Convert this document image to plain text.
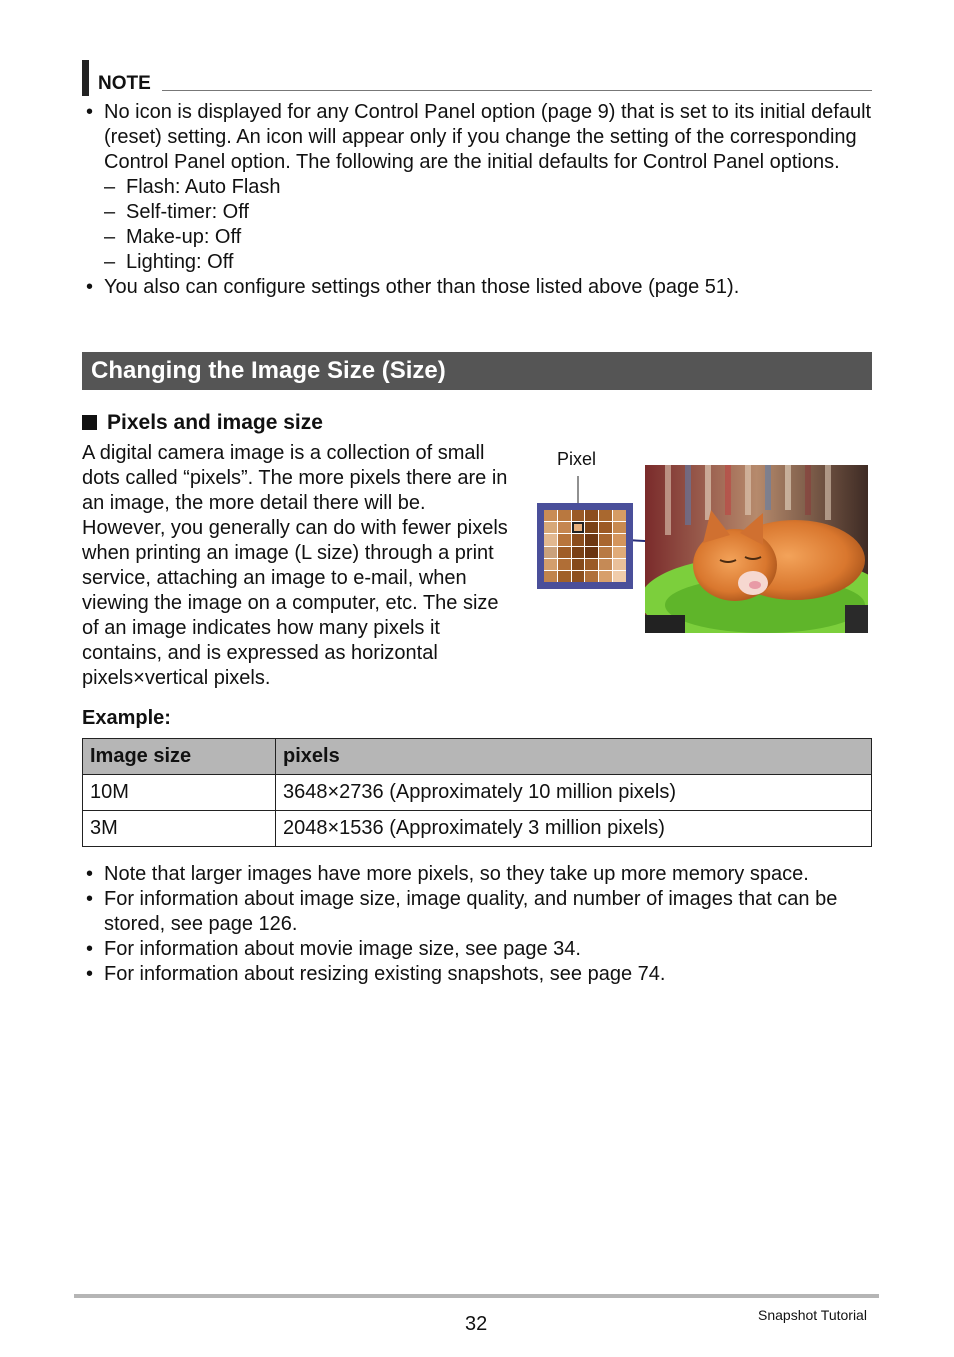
NOTE
• No icon is displayed for any Control Panel option (page 9) that is set to its initial default (reset) setting. An icon will appear only if you change the setting of the corresponding Control Panel option. The following are the initial defaults for Control Panel options.
– Flash: Auto Flash
– Self-timer: Off
– Make-up: Off
– Lighting: Off
• You also can configure settings other than those listed above (page 51).
Changing the Image Size (Size)
Pixels and image size
A digital camera image is a collection of small dots called “pixels”. The more pixels there are in an image, the more detail there will be. However, you generally can do with fewer pixels when printing an image (L size) through a print service, attaching an image to e-mail, when viewing the image on a computer, etc. The size of an image indicates how many pixels it contains, and is expressed as horizontal pixels×vertical pixels.
Pixel
Example:
Image size	pixels
10M	3648×2736 (Approximately 10 million pixels)
3M	2048×1536 (Approximately 3 million pixels)
• Note that larger images have more pixels, so they take up more memory space.
• For information about image size, image quality, and number of images that can be stored, see page 126.
• For information about movie image size, see page 34.
• For information about resizing existing snapshots, see page 74.
32	Snapshot Tutorial
